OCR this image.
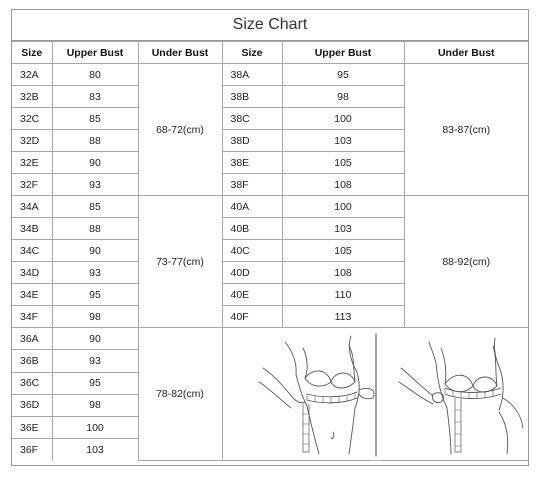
Size Chart
Size	Upper Bust	Under Bust	Size	Upper Bust	Under Bust
32A	80	68-72(cm)	38A	95	83-87(cm)
32B	83		38B	98	
32C	85		38C	100	
32D	88		38D	103	
32E	90		38E	105	
32F	93		38F	108	
34A	85	73-77(cm)	40A	100	88-92(cm)
34B	88		40B	103	
34C	90		40C	105	
34D	93		40D	108	
34E	95		40E	110	
34F	98		40F	113	
36A	90	78-82(cm)	

36B	93				
36C	95				
36D	98				
36E	100				
36F	103				
